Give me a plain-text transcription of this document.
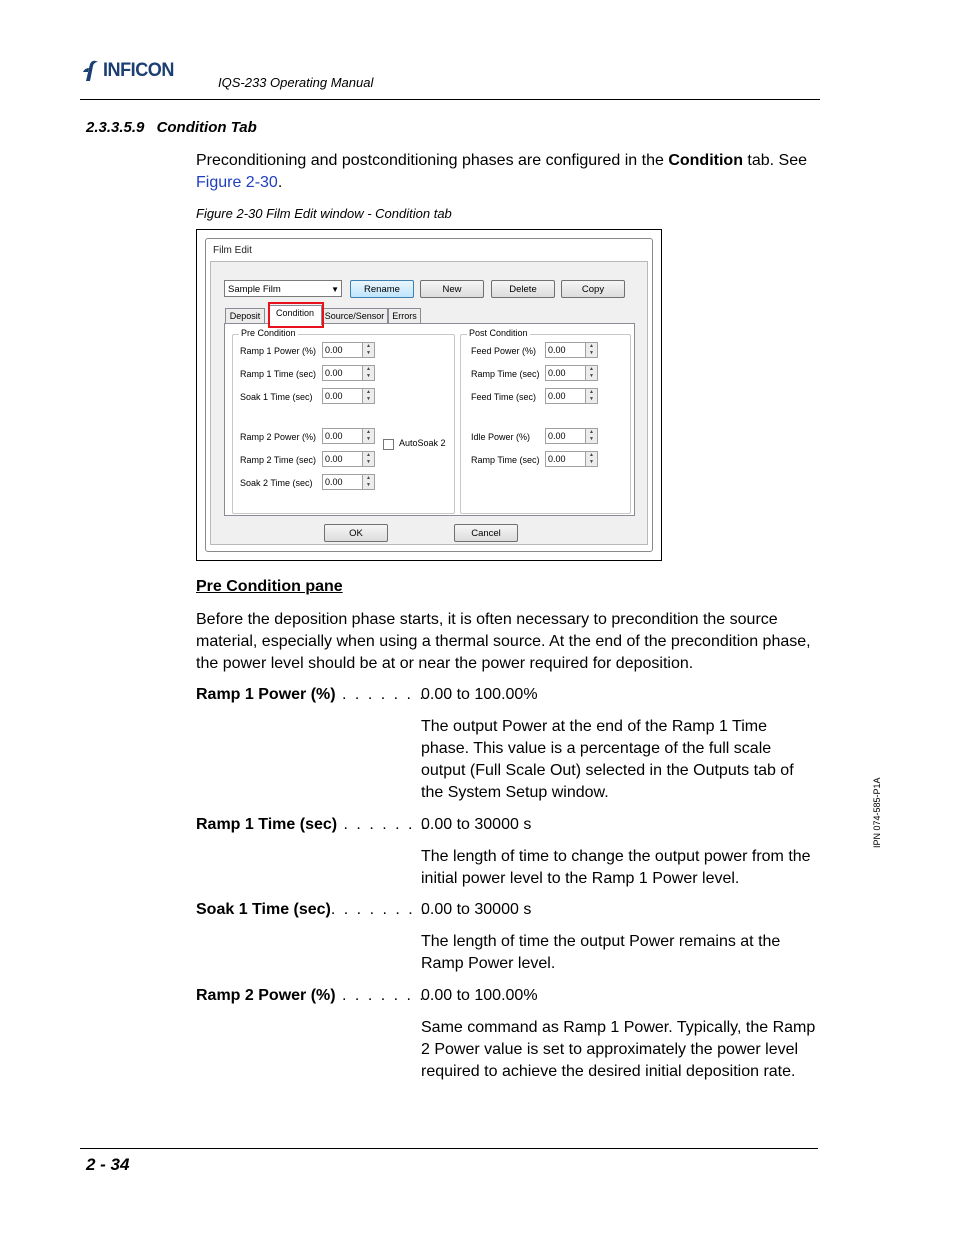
INFICON
IQS-233 Operating Manual
2.3.3.5.9 Condition Tab
Preconditioning and postconditioning phases are configured in the Condition tab. See Figure 2-30.
Figure 2-30 Film Edit window - Condition tab
Film Edit
Sample Film	▼	Rename	New	Delete	Copy
Deposit	Condition	Source/Sensor Errors
Pre Condition
Ramp 1 Power (%) 0.00	▲
▼
Ramp 1 Time (sec) 0.00	▲
▼
Soak 1 Time (sec)	0.00	▲
▼
Ramp 2 Power (%) 0.00	▲
▼	AutoSoak 2
Ramp 2 Time (sec) 0.00	▲
▼
Soak 2 Time (sec)	0.00	▲
▼
Post Condition
Feed Power (%)	0.00	▲
▼
Ramp Time (sec) 0.00	▲
▼
Feed Time (sec)	0.00	▲
▼
Idle Power (%)	0.00	▲
▼
Ramp Time (sec) 0.00	▲
▼
OK	Cancel
Pre Condition pane
Before the deposition phase starts, it is often necessary to precondition the source material, especially when using a thermal source. At the end of the precondition phase, the power level should be at or near the power required for deposition.
Ramp 1 Power (%) . . . . . . .
0.00 to 100.00%
The output Power at the end of the Ramp 1 Time phase. This value is a percentage of the full scale output (Full Scale Out) selected in the Outputs tab of the System Setup window.
Ramp 1 Time (sec) . . . . . . .
0.00 to 30000 s
The length of time to change the output power from the initial power level to the Ramp 1 Power level.
Soak 1 Time (sec). . . . . . . .
0.00 to 30000 s
The length of time the output Power remains at the Ramp Power level.
Ramp 2 Power (%) . . . . . . .
0.00 to 100.00%
Same command as Ramp 1 Power. Typically, the Ramp 2 Power value is set to approximately the power level required to achieve the desired initial deposition rate.
2 - 34
IPN 074-585-P1A
